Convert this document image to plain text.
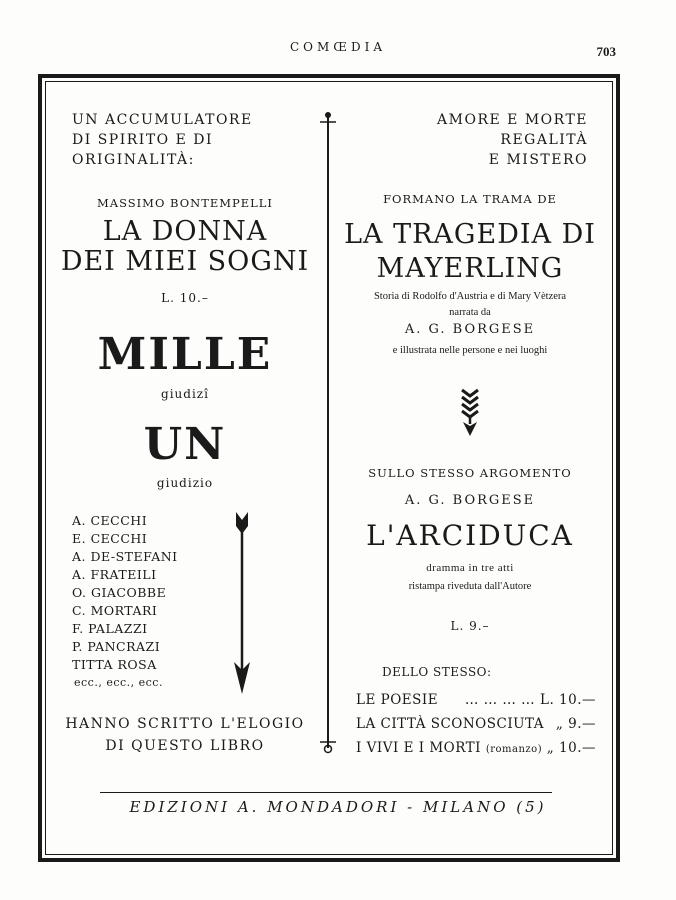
COMŒDIA	703
UN ACCUMULATORE
DI SPIRITO E DI
ORIGINALITÀ:
MASSIMO BONTEMPELLI
LA DONNA
DEI MIEI SOGNI
L. 10.–
MILLE
giudizî
UN
giudizio
A. CECCHI
E. CECCHI
A. DE-STEFANI
A. FRATEILI
O. GIACOBBE
C. MORTARI
F. PALAZZI
P. PANCRAZI
TITTA ROSA
ecc., ecc., ecc.
HANNO SCRITTO L'ELOGIO
DI QUESTO LIBRO
AMORE E MORTE
REGALITÀ
E MISTERO
FORMANO LA TRAMA DE
LA TRAGEDIA DI
MAYERLING
Storia di Rodolfo d'Austria e di Mary Vètzera
narrata da
A. G. BORGESE
e illustrata nelle persone e nei luoghi
SULLO STESSO ARGOMENTO
A. G. BORGESE
L'ARCIDUCA
dramma in tre atti
ristampa riveduta dall'Autore
L. 9.–
DELLO STESSO:
LE POESIE … … … … L. 10.—
LA CITTÀ SCONOSCIUTA „ 9.—
I VIVI E I MORTI (romanzo) „ 10.—
EDIZIONI A. MONDADORI - MILANO (5)
